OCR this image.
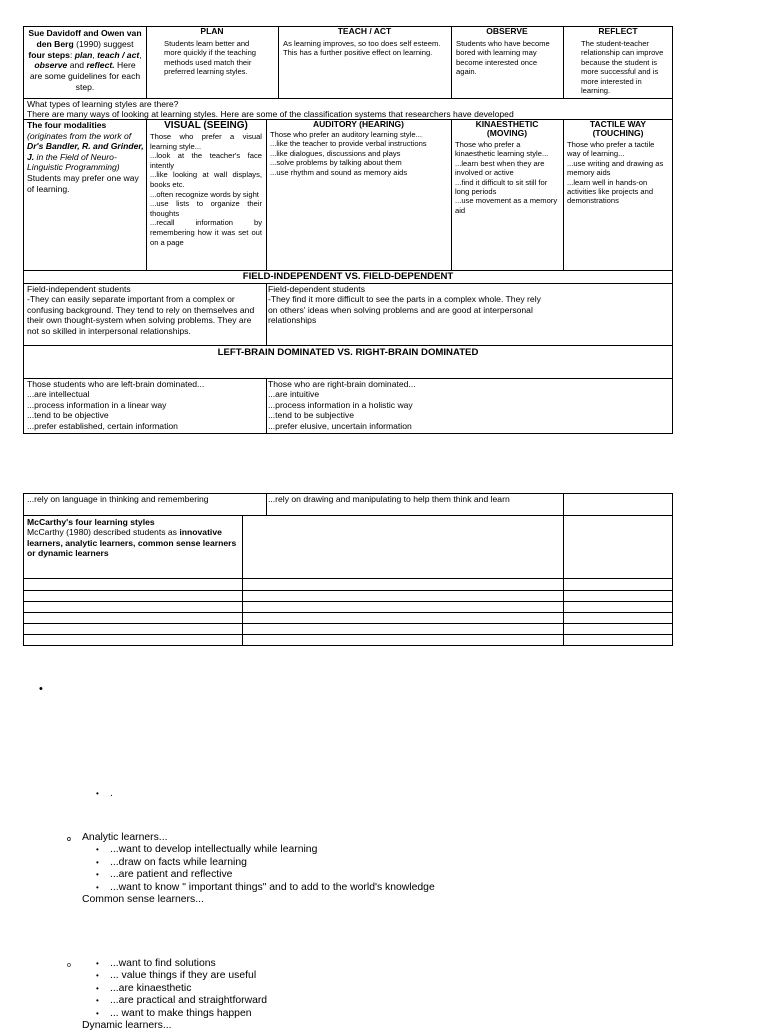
Sue Davidoff and Owen van den Berg (1990) suggest four steps: plan, teach / act, observe and reflect. Here are some guidelines for each step.
PLAN
Students learn better and more quickly if the teaching methods used match their preferred learning styles.
TEACH / ACT
As learning improves, so too does self esteem. This has a further positive effect on learning.
OBSERVE
Students who have become bored with learning may become interested once again.
REFLECT
The student-teacher relationship can improve because the student is more successful and is more interested in learning.
What types of learning styles are there?
There are many ways of looking at learning styles. Here are some of the classification systems that researchers have developed
The four modalities (originates from the work of Dr's Bandler, R. and Grinder, J. in the Field of Neuro-Linguistic Programming)
Students may prefer one way of learning.
VISUAL (SEEING)

Those who prefer a visual learning style...

...look at the teacher's face intently

...like looking at wall displays, books etc.

...often recognize words by sight

...use lists to organize their thoughts

...recall information by remembering how it was set out on a page

AUDITORY (HEARING)

Those who prefer an auditory learning style...

...like the teacher to provide verbal instructions

...like dialogues, discussions and plays

...solve problems by talking about them

...use rhythm and sound as memory aids

KINAESTHETIC (MOVING)

Those who prefer a kinaesthetic learning style...

...learn best when they are involved or active

...find it difficult to sit still for long periods

...use movement as a memory aid

TACTILE WAY (TOUCHING)

Those who prefer a tactile way of learning...

...use writing and drawing as memory aids

...learn well in hands-on activities like projects and demonstrations

FIELD-INDEPENDENT VS. FIELD-DEPENDENT

Field-independent students

-They can easily separate important from a complex or confusing background. They tend to rely on themselves and their own thought-system when solving problems. They are not so skilled in interpersonal relationships.

Field-dependent students

-They find it more difficult to see the parts in a complex whole. They rely on others' ideas when solving problems and are good at interpersonal relationships

LEFT-BRAIN DOMINATED VS. RIGHT-BRAIN DOMINATED

Those students who are left-brain dominated...

...are intellectual

...process information in a linear way

...tend to be objective

...prefer established, certain information

Those who are right-brain dominated...

...are intuitive

...process information in a holistic way

...tend to be subjective

...prefer elusive, uncertain information

...rely on language in thinking and remembering	...rely on drawing and manipulating to help them think and learn
McCarthy's four learning styles
McCarthy (1980) described students as innovative learners, analytic learners, common sense learners or dynamic learners
•
• .
o Analytic learners...
• ...want to develop intellectually while learning
• ...draw on facts while learning
• ...are patient and reflective
• ...want to know " important things" and to add to the world's knowledge
o Common sense learners...
• ...want to find solutions
• ... value things if they are useful
• ...are kinaesthetic
• ...are practical and straightforward
• ... want to make things happen
o Dynamic learners...
